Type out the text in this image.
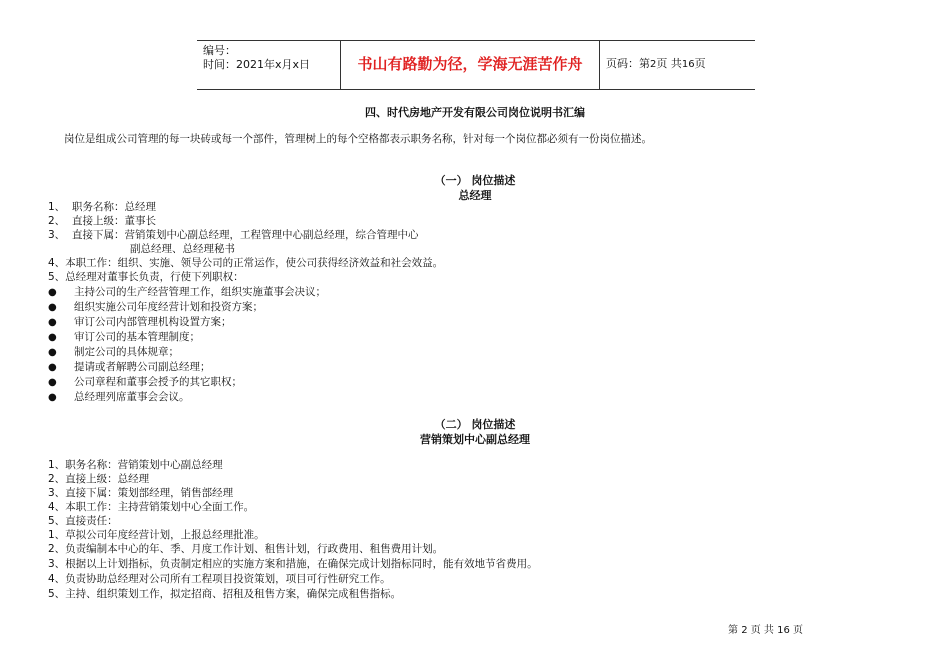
编号：
时间：2021年x月x日	书山有路勤为径，学海无涯苦作舟	页码：第2页 共16页
四、时代房地产开发有限公司岗位说明书汇编
岗位是组成公司管理的每一块砖或每一个部件，管理树上的每个空格都表示职务名称，针对每一个岗位都必须有一份岗位描述。
（一） 岗位描述
总经理
1、 职务名称：总经理
2、 直接上级：董事长
3、 直接下属：营销策划中心副总经理，工程管理中心副总经理，综合管理中心
副总经理、总经理秘书
4、本职工作：组织、实施、领导公司的正常运作，使公司获得经济效益和社会效益。
5、总经理对董事长负责，行使下列职权：
● 主持公司的生产经营管理工作，组织实施董事会决议；
● 组织实施公司年度经营计划和投资方案；
● 审订公司内部管理机构设置方案；
● 审订公司的基本管理制度；
● 制定公司的具体规章；
● 提请或者解聘公司副总经理；
● 公司章程和董事会授予的其它职权；
● 总经理列席董事会会议。
（二） 岗位描述
营销策划中心副总经理
1、职务名称：营销策划中心副总经理
2、直接上级：总经理
3、直接下属：策划部经理，销售部经理
4、本职工作：主持营销策划中心全面工作。
5、直接责任：
1、草拟公司年度经营计划，上报总经理批准。
2、负责编制本中心的年、季、月度工作计划、租售计划，行政费用、租售费用计划。
3、根据以上计划指标，负责制定相应的实施方案和措施，在确保完成计划指标同时，能有效地节省费用。
4、负责协助总经理对公司所有工程项目投资策划，项目可行性研究工作。
5、主持、组织策划工作，拟定招商、招租及租售方案，确保完成租售指标。
第 2 页 共 16 页
